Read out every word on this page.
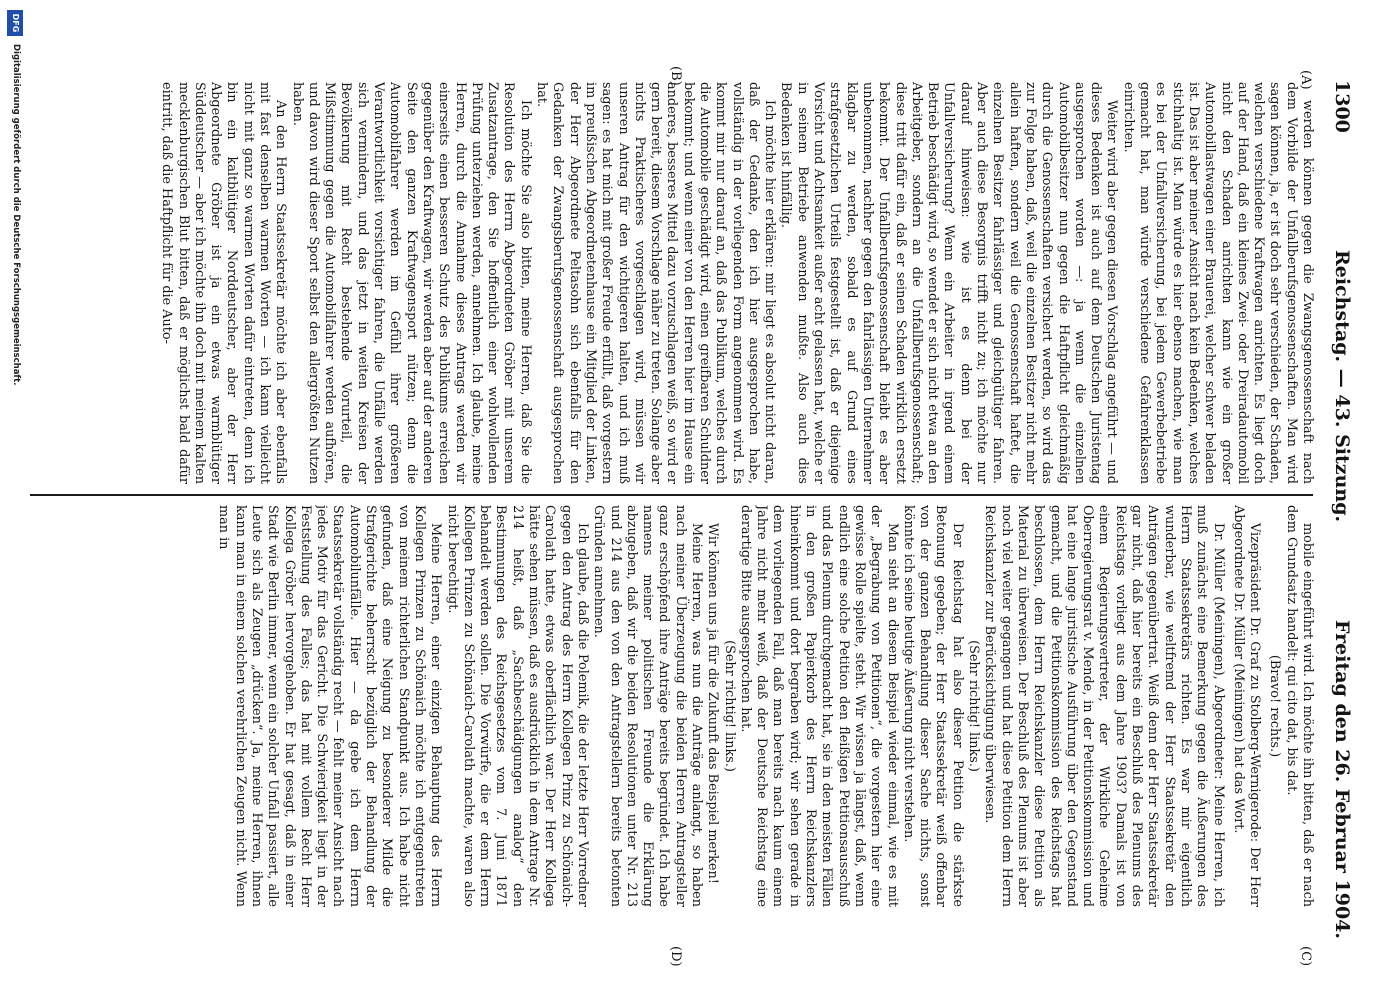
1300
Reichstag. — 43. Sitzung.
Freitag den 26. Februar 1904.
(A)
(B)
(C)
(D)

werden können gegen die Zwangsgenossenschaft nach dem Vorbilde der Unfallberufsgenossenschaften. Man wird sagen können, ja, er ist doch sehr verschieden, der Schaden, welchen verschiedene Kraftwagen anrichten. Es liegt doch auf der Hand, daß ein kleines Zwei- oder Dreiradautomobil nicht den Schaden anrichten kann wie ein großer Automobillastwagen einer Brauerei, welcher schwer beladen ist. Das ist aber meiner Ansicht nach kein Bedenken, welches stichhaltig ist. Man würde es hier ebenso machen, wie man es bei der Unfallversicherung, bei jedem Gewerbebetriebe gemacht hat, man würde verschiedene Gefahrenklassen einrichten.

Weiter wird aber gegen diesen Vorschlag angeführt — und dieses Bedenken ist auch auf dem Deutschen Juristentag ausgesprochen worden —: ja wenn die einzelnen Automobilbesitzer nun gegen die Haftpflicht gleichmäßig durch die Genossenschaften versichert werden, so wird das zur Folge haben, daß, weil die einzelnen Besitzer nicht mehr allein haften, sondern weil die Genossenschaft haftet, die einzelnen Besitzer fahrlässiger und gleichgültiger fahren. Aber auch diese Besorgnis trifft nicht zu; ich möchte nur darauf hinweisen: wie ist es denn bei der Unfallversicherung? Wenn ein Arbeiter in irgend einem Betrieb beschädigt wird, so wendet er sich nicht etwa an den Arbeitgeber, sondern an die Unfallberufsgenossenschaft; diese tritt dafür ein, daß er seinen Schaden wirklich ersetzt bekommt. Der Unfallberufsgenossenschaft bleibt es aber unbenommen, nachher gegen den fahrlässigen Unternehmer klagbar zu werden, sobald es auf Grund eines strafgesetzlichen Urteils festgestellt ist, daß er diejenige Vorsicht und Achtsamkeit außer acht gelassen hat, welche er in seinem Betriebe anwenden mußte. Also auch dies Bedenken ist hinfällig.

Ich möchte hier erklären: mir liegt es absolut nicht daran, daß der Gedanke, den ich hier ausgesprochen habe, vollständig in der vorliegenden Form angenommen wird. Es kommt mir nur darauf an, daß das Publikum, welches durch die Automobile geschädigt wird, einen greifbaren Schuldner bekommt; und wenn einer von den Herren hier im Hause ein anderes, besseres Mittel dazu vorzuschlagen weiß, so wird er gern bereit, diesem Vorschlage näher zu treten. Solange aber nichts Praktischeres vorgeschlagen wird, müssen wir unseren Antrag für den wichtigeren halten, und ich muß sagen: es hat mich mit großer Freude erfüllt, daß vorgestern im preußischen Abgeordnetenhause ein Mitglied der Linken, der Herr Abgeordnete Peltasohn sich ebenfalls für den Gedanken der Zwangsberufsgenossenschaft ausgesprochen hat.

Ich möchte Sie also bitten, meine Herren, daß Sie die Resolution des Herrn Abgeordneten Gröber mit unserem Zusatzantrage, den Sie hoffentlich einer wohlwollenden Prüfung unterziehen werden, annehmen. Ich glaube, meine Herren, durch die Annahme dieses Antrags werden wir einerseits einen besseren Schutz des Publikums erreichen gegenüber den Kraftwagen, wir werden aber auf der anderen Seite den ganzen Kraftwagensport nützen; denn die Automobilfahrer werden im Gefühl ihrer größeren Verantwortlichkeit vorsichtiger fahren, die Unfälle werden sich vermindern, und das jetzt in weiten Kreisen der Bevölkerung mit Recht bestehende Vorurteil, die Mißstimmung gegen die Automobilfahrer werden aufhören, und davon wird dieser Sport selbst den allergrößten Nutzen haben.

An den Herrn Staatssekretär möchte ich aber ebenfalls mit fast denselben warmen Worten — ich kann vielleicht nicht mit ganz so warmen Worten dafür eintreten, denn ich bin ein kaltblütiger Norddeutscher, aber der Herr Abgeordnete Gröber ist ja ein etwas warmblütiger Süddeutscher — aber ich möchte ihn doch mit meinem kalten mecklenburgischen Blut bitten, daß er möglichst bald dafür eintritt, daß die Haftpflicht für die Auto-

mobile eingeführt wird. Ich möchte ihn bitten, daß er nach dem Grundsatz handelt: qui cito dat, bis dat.

(Bravo! rechts.)

Vizepräsident Dr. Graf zu Stolberg-Wernigerode: Der Herr Abgeordnete Dr. Müller (Meiningen) hat das Wort.

Dr. Müller (Meiningen), Abgeordneter: Meine Herren, ich muß zunächst eine Bemerkung gegen die Äußerungen des Herrn Staatssekretärs richten. Es war mir eigentlich wunderbar, wie weltfremd der Herr Staatssekretär den Anträgen gegenübertrat. Weiß denn der Herr Staatssekretär gar nicht, daß hier bereits ein Beschluß des Plenums des Reichstags vorliegt aus dem Jahre 1903? Damals ist von einem Regierungsvertreter, der Wirkliche Geheime Oberregierungsrat v. Mende, in der Petitionskommission und hat eine lange juristische Ausführung über den Gegenstand gemacht, und die Petitionskommission des Reichstags hat beschlossen, dem Herrn Reichskanzler diese Petition als Material zu überweisen. Der Beschluß des Plenums ist aber noch viel weiter gegangen und hat diese Petition dem Herrn Reichskanzler zur Berücksichtigung überwiesen.

(Sehr richtig! links.)

Der Reichstag hat also dieser Petition die stärkste Betonung gegeben; der Herr Staatssekretär weiß offenbar von der ganzen Behandlung dieser Sache nichts, sonst könnte ich seine heutige Äußerung nicht verstehen.

Man sieht an diesem Beispiel wieder einmal, wie es mit der „Begrabung von Petitionen“, die vorgestern hier eine gewisse Rolle spielte, steht. Wir wissen ja längst, daß, wenn endlich eine solche Petition den fleißigen Petitionsausschuß und das Plenum durchgemacht hat, sie in den meisten Fällen in den großen Papierkorb des Herrn Reichskanzlers hineinkommt und dort begraben wird; wir sehen gerade in dem vorliegenden Fall, daß man bereits nach kaum einem Jahre nicht mehr weiß, daß der Deutsche Reichstag eine derartige Bitte ausgesprochen hat.

(Sehr richtig! links.)

Wir können uns ja für die Zukunft das Beispiel merken!

Meine Herren, was nun die Anträge anlangt, so haben nach meiner Überzeugung die beiden Herren Antragsteller ganz erschöpfend ihre Anträge bereits begründet. Ich habe namens meiner politischen Freunde die Erklärung abzugeben, daß wir die beiden Resolutionen unter Nr. 213 und 214 aus den von den Antragstellern bereits betonten Gründen annehmen.

Ich glaube, daß die Polemik, die der letzte Herr Vorredner gegen den Antrag des Herrn Kollegen Prinz zu Schönaich-Carolath hatte, etwas oberflächlich war. Der Herr Kollega hätte sehen müssen, daß es ausdrücklich in dem Antrage Nr. 214 heißt, daß „Sachbeschädigungen analog“ den Bestimmungen des Reichsgesetzes vom 7. Juni 1871 behandelt werden sollen. Die Vorwürfe, die er dem Herrn Kollegen Prinzen zu Schönaich-Carolath machte, waren also nicht berechtigt.

Meine Herren, einer einzigen Behauptung des Herrn Kollegen Prinzen zu Schönaich möchte ich entgegentreten von meinem richterlichen Standpunkt aus. Ich habe nicht gefunden, daß eine Neigung zu besonderer Milde die Strafgerichte beherrscht bezüglich der Behandlung der Automobilunfälle. Hier — da gebe ich dem Herrn Staatssekretär vollständig recht — fehlt meiner Ansicht nach jedes Motiv für das Gericht. Die Schwierigkeit liegt in der Feststellung des Falles; das hat mit vollem Recht Herr Kollega Gröber hervorgehoben. Er hat gesagt, daß in einer Stadt wie Berlin immer, wenn ein solcher Unfall passiert, alle Leute sich als Zeugen „drücken“. Ja, meine Herren, ihnen kann man in einem solchen verehrlichen Zeugen nicht. Wenn man in

DFG
Digitalisierung gefördert durch die Deutsche Forschungsgemeinschaft.
